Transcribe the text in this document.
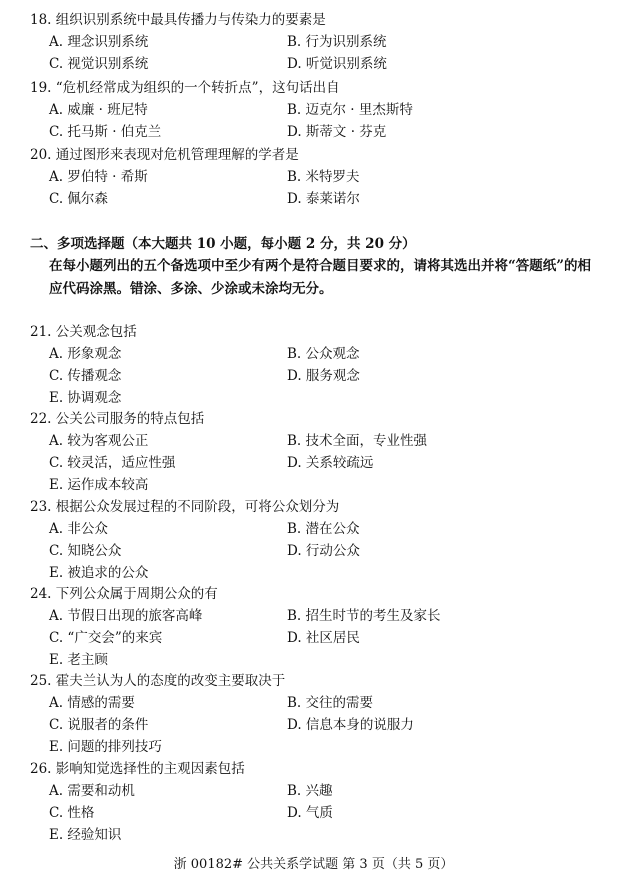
18. 组织识别系统中最具传播力与传染力的要素是
A. 理念识别系统	B. 行为识别系统
C. 视觉识别系统	D. 听觉识别系统
19. “危机经常成为组织的一个转折点”，这句话出自
A. 威廉 · 班尼特	B. 迈克尔 · 里杰斯特
C. 托马斯 · 伯克兰	D. 斯蒂文 · 芬克
20. 通过图形来表现对危机管理理解的学者是
A. 罗伯特 · 希斯	B. 米特罗夫
C. 佩尔森	D. 泰莱诺尔
二、多项选择题（本大题共 10 小题，每小题 2 分，共 20 分）
在每小题列出的五个备选项中至少有两个是符合题目要求的，请将其选出并将“答题纸”的相应代码涂黑。错涂、多涂、少涂或未涂均无分。
21. 公关观念包括
A. 形象观念	B. 公众观念
C. 传播观念	D. 服务观念
E. 协调观念
22. 公关公司服务的特点包括
A. 较为客观公正	B. 技术全面，专业性强
C. 较灵活，适应性强	D. 关系较疏远
E. 运作成本较高
23. 根据公众发展过程的不同阶段，可将公众划分为
A. 非公众	B. 潜在公众
C. 知晓公众	D. 行动公众
E. 被追求的公众
24. 下列公众属于周期公众的有
A. 节假日出现的旅客高峰	B. 招生时节的考生及家长
C. “广交会”的来宾	D. 社区居民
E. 老主顾
25. 霍夫兰认为人的态度的改变主要取决于
A. 情感的需要	B. 交往的需要
C. 说服者的条件	D. 信息本身的说服力
E. 问题的排列技巧
26. 影响知觉选择性的主观因素包括
A. 需要和动机	B. 兴趣
C. 性格	D. 气质
E. 经验知识
浙 00182# 公共关系学试题 第 3 页（共 5 页）
